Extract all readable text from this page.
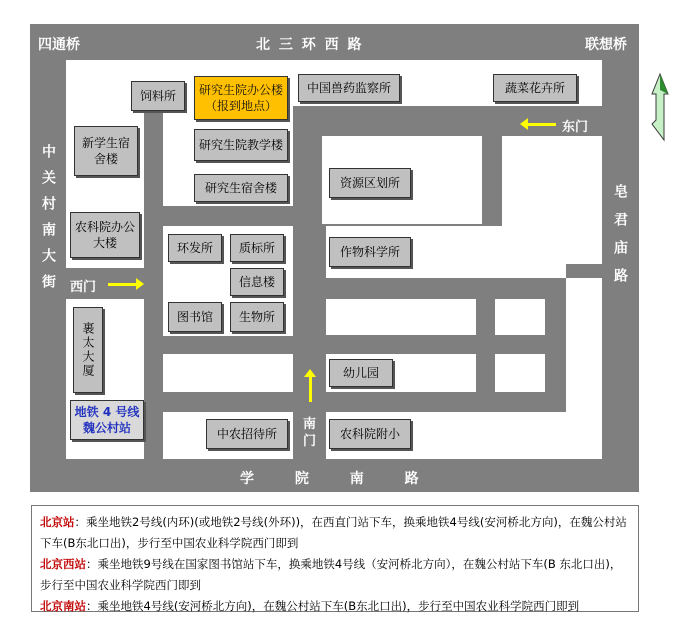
北 三 环 西 路
学 院 南 路
四通桥	联想桥
中关村南大街	皂君庙路
东门
西门
南门
饲料所	研究生院办公楼
（报到地点）
中国兽药监察所	蔬菜花卉所
新学生宿舍楼
研究生院教学楼
研究生宿舍楼	资源区划所
农科院办公大楼	环发所	质标所
信息楼
作物科学所
裹太大厦
图书馆	生物所
幼儿园
地铁 4 号线魏公村站	中农招待所	农科院附小
北京站：乘坐地铁2号线(内环)(或地铁2号线(外环))，在西直门站下车，换乘地铁4号线(安河桥北方向)，在魏公村站下车(B东北口出)，步行至中国农业科学院西门即到
北京西站：乘坐地铁9号线在国家图书馆站下车，换乘地铁4号线（安河桥北方向），在魏公村站下车(B 东北口出)，步行至中国农业科学院西门即到
北京南站：乘坐地铁4号线(安河桥北方向)，在魏公村站下车(B东北口出)，步行至中国农业科学院西门即到
